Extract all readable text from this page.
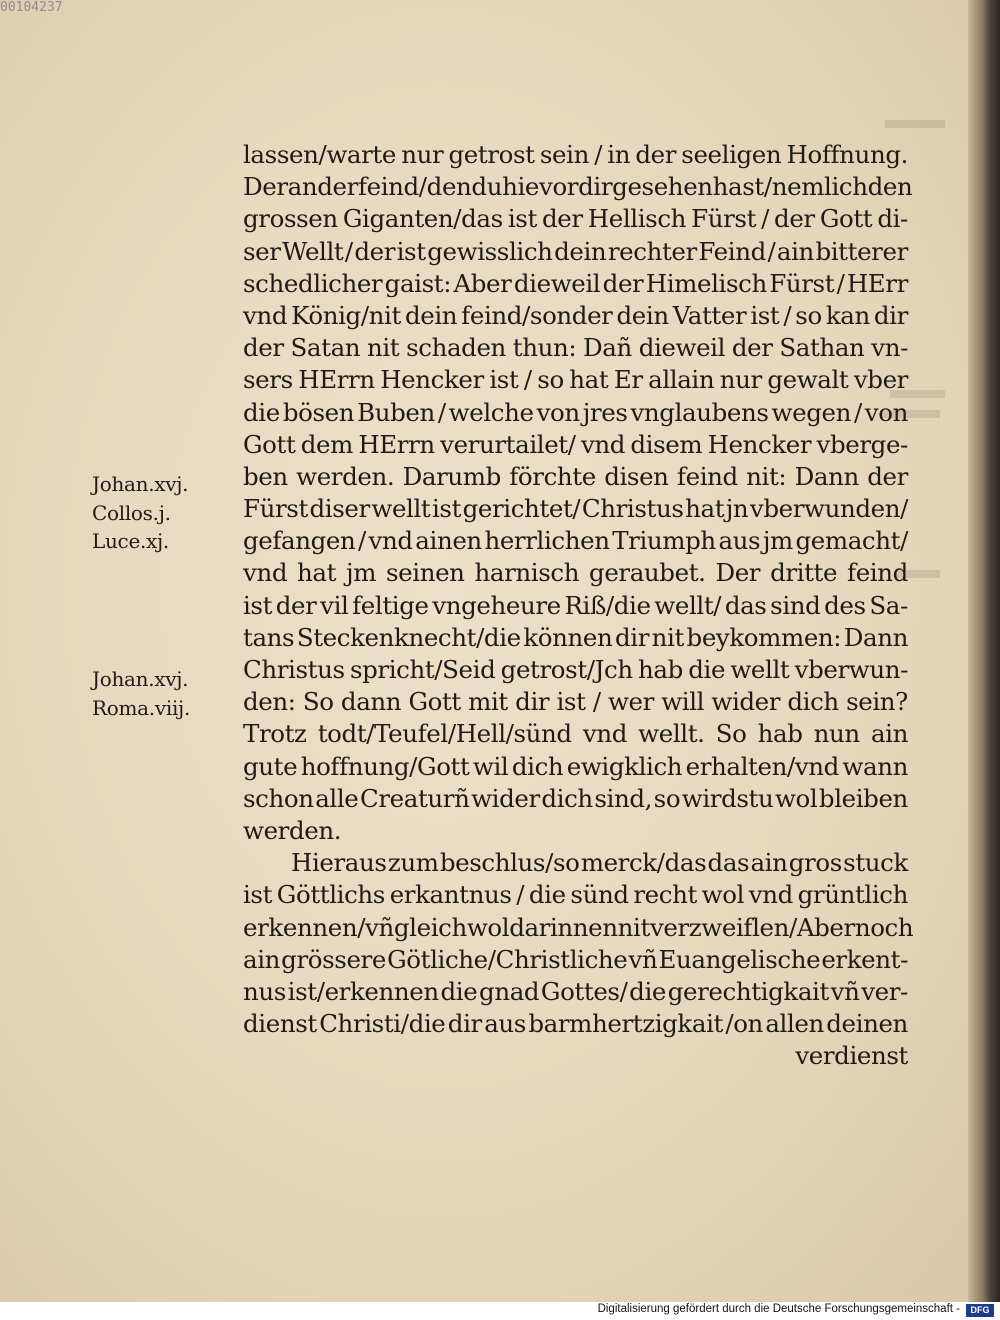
00104237
Johan.xvj.
Collos.j.
Luce.xj.
Johan.xvj.
Roma.viij.
lassen/warte nur getrost sein / in der seeligen Hoffnung.
Der ander feind/den du hie vor dir gesehen hast/nemlich den
grossen Giganten/das ist der Hellisch Fürst / der Gott di-
ser Wellt / der ist gewisslich dein rechter Feind / ain bitterer
schedlicher gaist: Aber dieweil der Himelisch Fürst / HErr
vnd König/nit dein feind/sonder dein Vatter ist / so kan dir
der Satan nit schaden thun: Dañ dieweil der Sathan vn-
sers HErrn Hencker ist / so hat Er allain nur gewalt vber
die bösen Buben / welche von jres vnglaubens wegen / von
Gott dem HErrn verurtailet/ vnd disem Hencker vberge-
ben werden. Darumb förchte disen feind nit: Dann der
Fürst diser wellt ist gerichtet/ Christus hat jn vberwunden/
gefangen / vnd ainen herrlichen Triumph aus jm gemacht/
vnd hat jm seinen harnisch geraubet. Der dritte feind
ist der vil feltige vngeheure Riß/die wellt/ das sind des Sa-
tans Steckenknecht/die können dir nit beykommen: Dann
Christus spricht/Seid getrost/Jch hab die wellt vberwun-
den: So dann Gott mit dir ist / wer will wider dich sein?
Trotz todt/Teufel/Hell/sünd vnd wellt. So hab nun ain
gute hoffnung/Gott wil dich ewigklich erhalten/vnd wann
schon alle Creaturñ wider dich sind, so wirdstu wol bleiben
werden.
Hieraus zum beschlus/so merck/das das ain gros stuck
ist Göttlichs erkantnus / die sünd recht wol vnd grüntlich
erkennen/vñ gleichwol darinnen nit verzweiflen/Aber noch
ain grössere Götliche/Christliche vñ Euangelische erkent-
nus ist/erkennen die gnad Gottes/ die gerechtigkait vñ ver-
dienst Christi/die dir aus barmhertzigkait /on allen deinen
verdienst
Digitalisierung gefördert durch die Deutsche Forschungsgemeinschaft -	DFG
